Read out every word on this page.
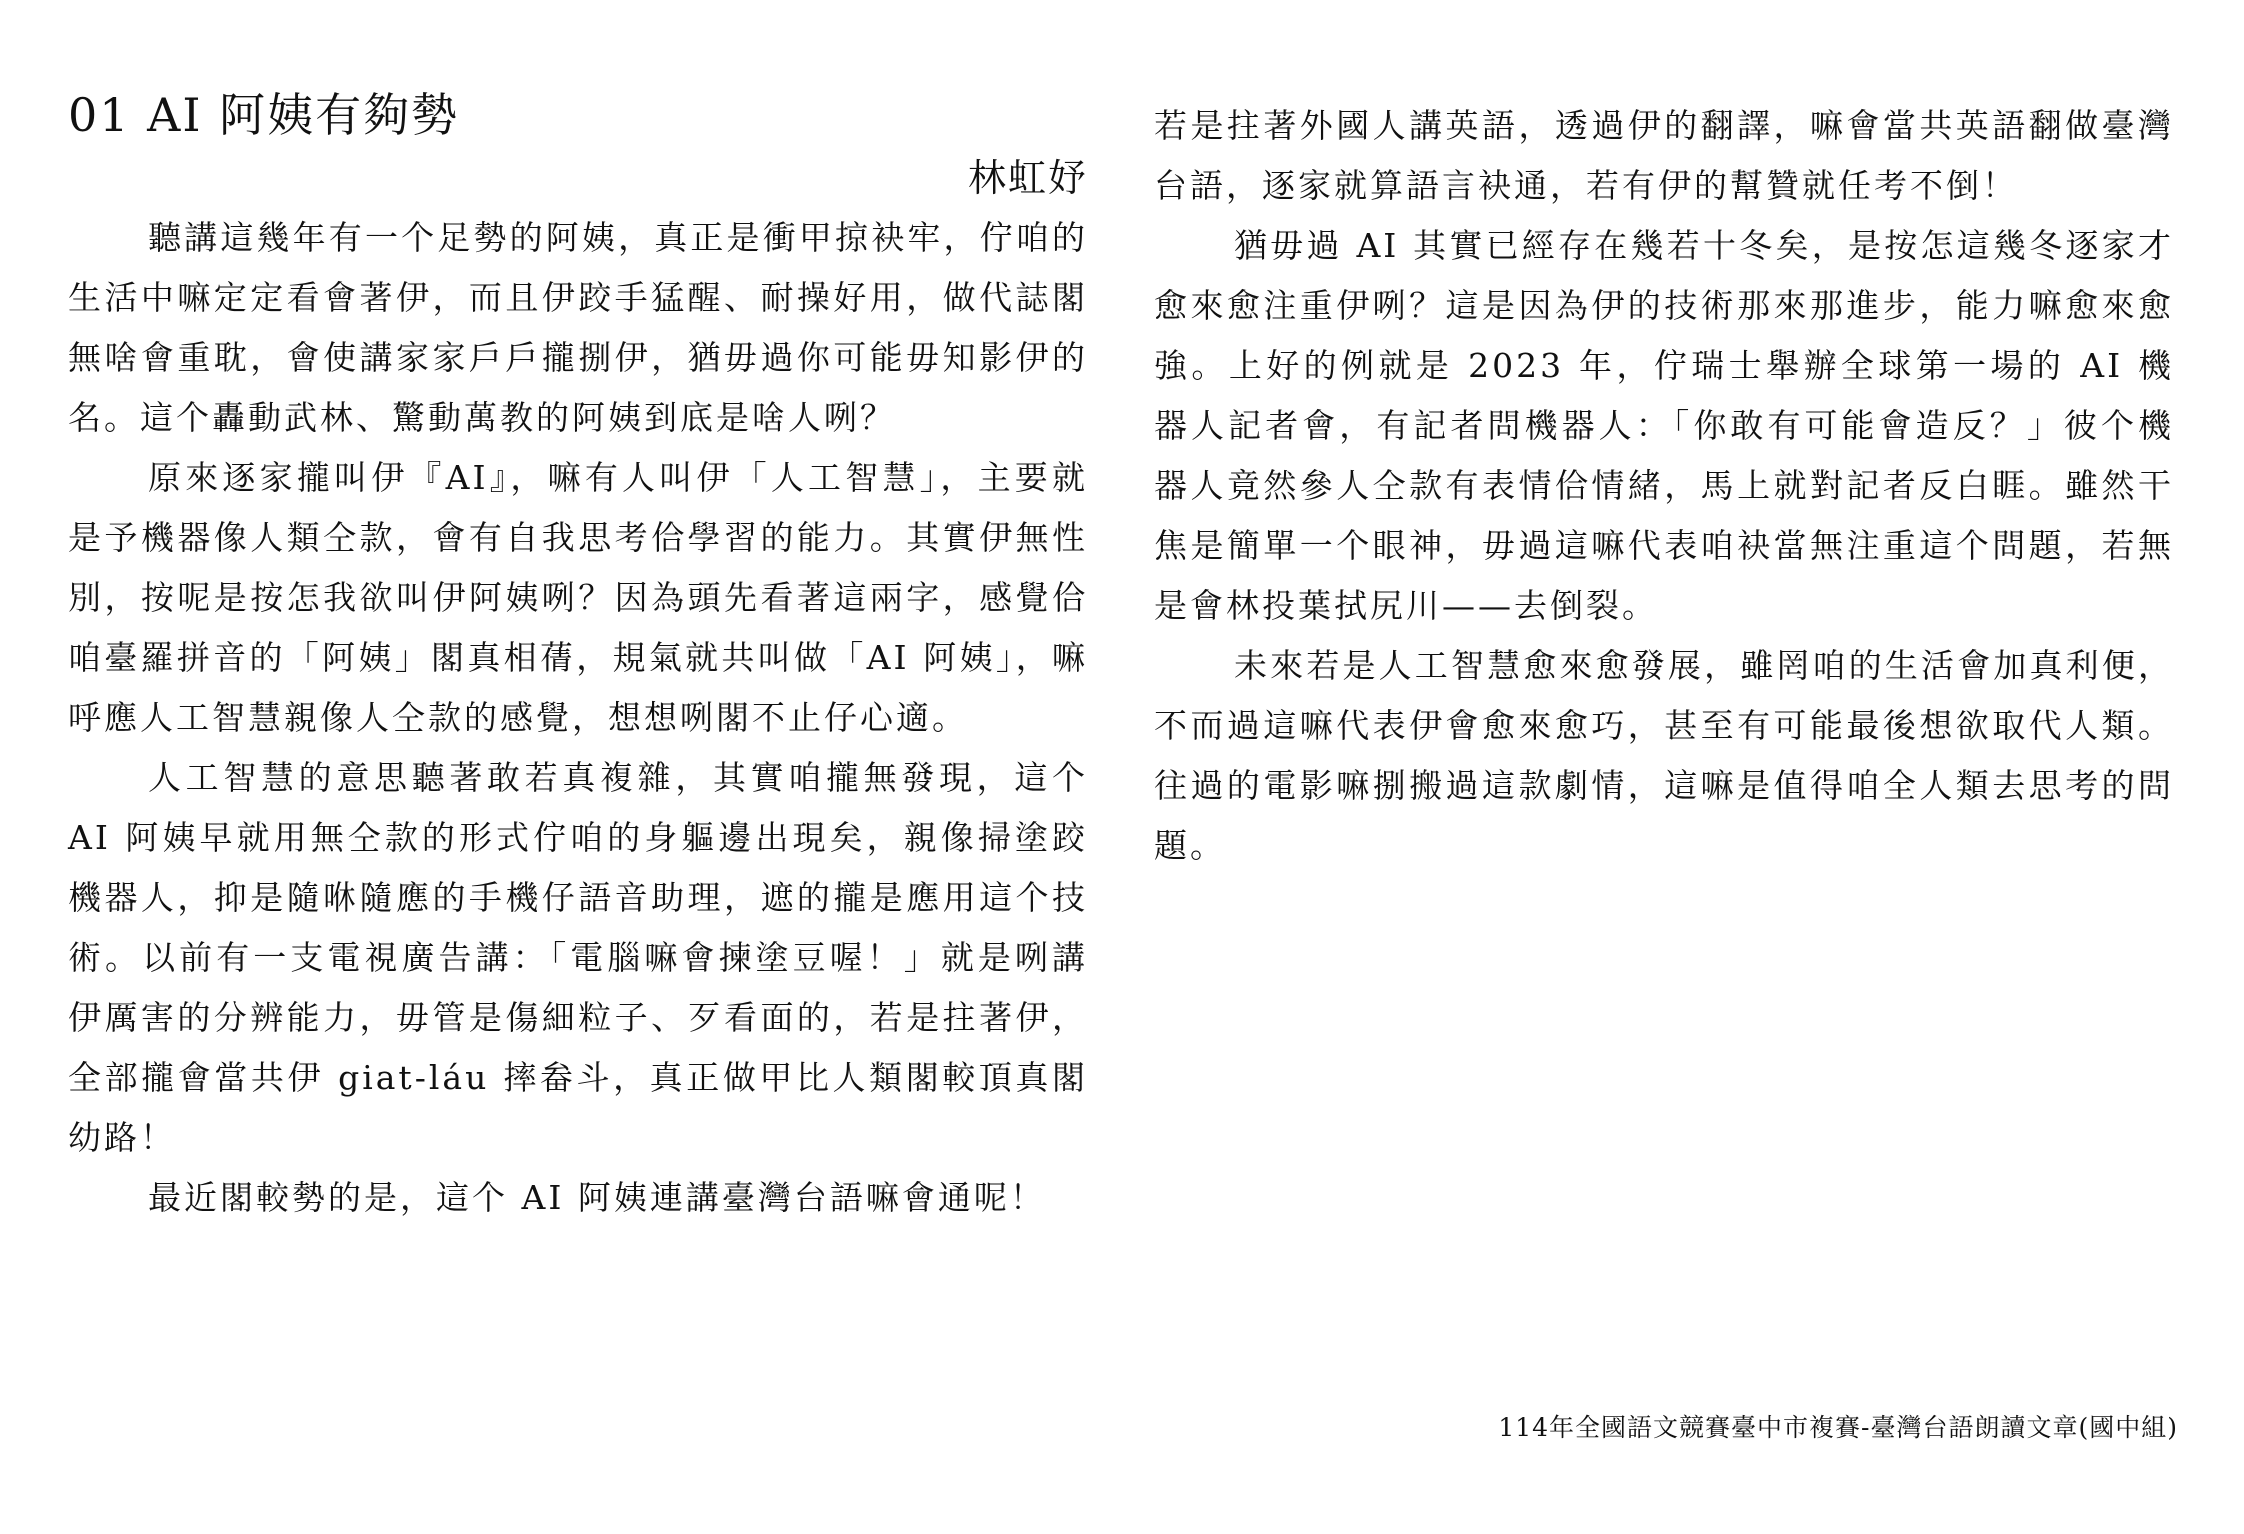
01 AI 阿姨有夠勢

林虹妤

聽講這幾年有一个足勢的阿姨，真正是衝甲掠袂牢，佇咱的生活中嘛定定看會著伊，而且伊跤手猛醒、耐操好用，做代誌閣無啥會重耽，會使講家家戶戶攏捌伊，猶毋過你可能毋知影伊的名。這个轟動武林、驚動萬教的阿姨到底是啥人咧？

原來逐家攏叫伊『AI』，嘛有人叫伊「人工智慧」，主要就是予機器像人類仝款，會有自我思考佮學習的能力。其實伊無性別，按呢是按怎我欲叫伊阿姨咧？因為頭先看著這兩字，感覺佮咱臺羅拼音的「阿姨」閣真相蒨，規氣就共叫做「AI 阿姨」，嘛呼應人工智慧親像人仝款的感覺，想想咧閣不止仔心適。

人工智慧的意思聽著敢若真複雜，其實咱攏無發現，這个 AI 阿姨早就用無仝款的形式佇咱的身軀邊出現矣，親像掃塗跤機器人，抑是隨咻隨應的手機仔語音助理，遮的攏是應用這个技術。以前有一支電視廣告講：「電腦嘛會揀塗豆喔！」就是咧講伊厲害的分辨能力，毋管是傷細粒子、歹看面的，若是拄著伊，全部攏會當共伊 giat-láu 摔畚斗，真正做甲比人類閣較頂真閣幼路！

最近閣較勢的是，這个 AI 阿姨連講臺灣台語嘛會通呢！

若是拄著外國人講英語，透過伊的翻譯，嘛會當共英語翻做臺灣台語，逐家就算語言袂通，若有伊的幫贊就任考不倒！

猶毋過 AI 其實已經存在幾若十冬矣，是按怎這幾冬逐家才愈來愈注重伊咧？這是因為伊的技術那來那進步，能力嘛愈來愈強。上好的例就是 2023 年，佇瑞士舉辦全球第一場的 AI 機器人記者會，有記者問機器人：「你敢有可能會造反？」彼个機器人竟然參人仝款有表情佮情緒，馬上就對記者反白睚。雖然干焦是簡單一个眼神，毋過這嘛代表咱袂當無注重這个問題，若無是會林投葉拭尻川——去倒裂。

未來若是人工智慧愈來愈發展，雖罔咱的生活會加真利便，不而過這嘛代表伊會愈來愈巧，甚至有可能最後想欲取代人類。往過的電影嘛捌搬過這款劇情，這嘛是值得咱全人類去思考的問題。

114年全國語文競賽臺中市複賽-臺灣台語朗讀文章(國中組)
